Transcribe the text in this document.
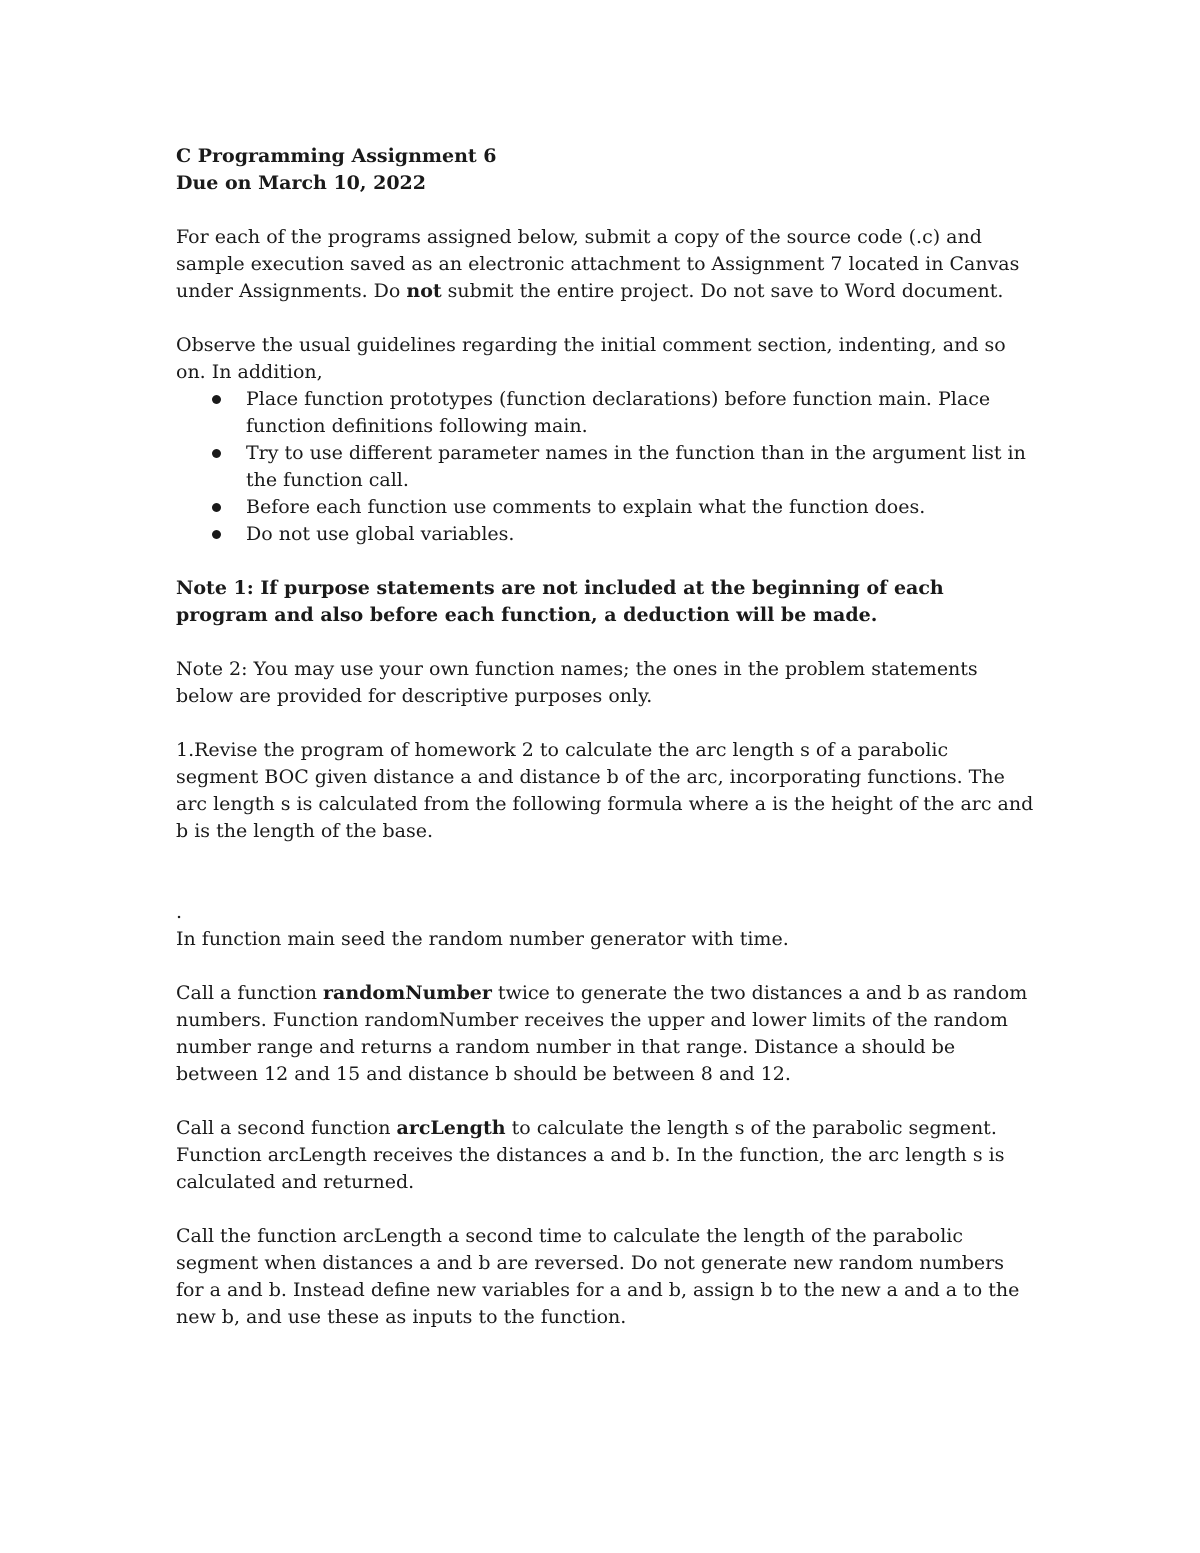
C Programming Assignment 6

Due on March 10, 2022

For each of the programs assigned below, submit a copy of the source code (.c) and sample execution saved as an electronic attachment to Assignment 7 located in Canvas under Assignments. Do not submit the entire project. Do not save to Word document.

Observe the usual guidelines regarding the initial comment section, indenting, and so on. In addition,

Place function prototypes (function declarations) before function main. Place function definitions following main.
Try to use different parameter names in the function than in the argument list in the function call.
Before each function use comments to explain what the function does.
Do not use global variables.

Note 1: If purpose statements are not included at the beginning of each program and also before each function, a deduction will be made.

Note 2: You may use your own function names; the ones in the problem statements below are provided for descriptive purposes only.

1.Revise the program of homework 2 to calculate the arc length s of a parabolic segment BOC given distance a and distance b of the arc, incorporating functions. The arc length s is calculated from the following formula where a is the height of the arc and b is the length of the base.

.

In function main seed the random number generator with time.

Call a function randomNumber twice to generate the two distances a and b as random numbers. Function randomNumber receives the upper and lower limits of the random number range and returns a random number in that range. Distance a should be between 12 and 15 and distance b should be between 8 and 12.

Call a second function arcLength to calculate the length s of the parabolic segment. Function arcLength receives the distances a and b. In the function, the arc length s is calculated and returned.

Call the function arcLength a second time to calculate the length of the parabolic segment when distances a and b are reversed. Do not generate new random numbers for a and b. Instead define new variables for a and b, assign b to the new a and a to the new b, and use these as inputs to the function.
